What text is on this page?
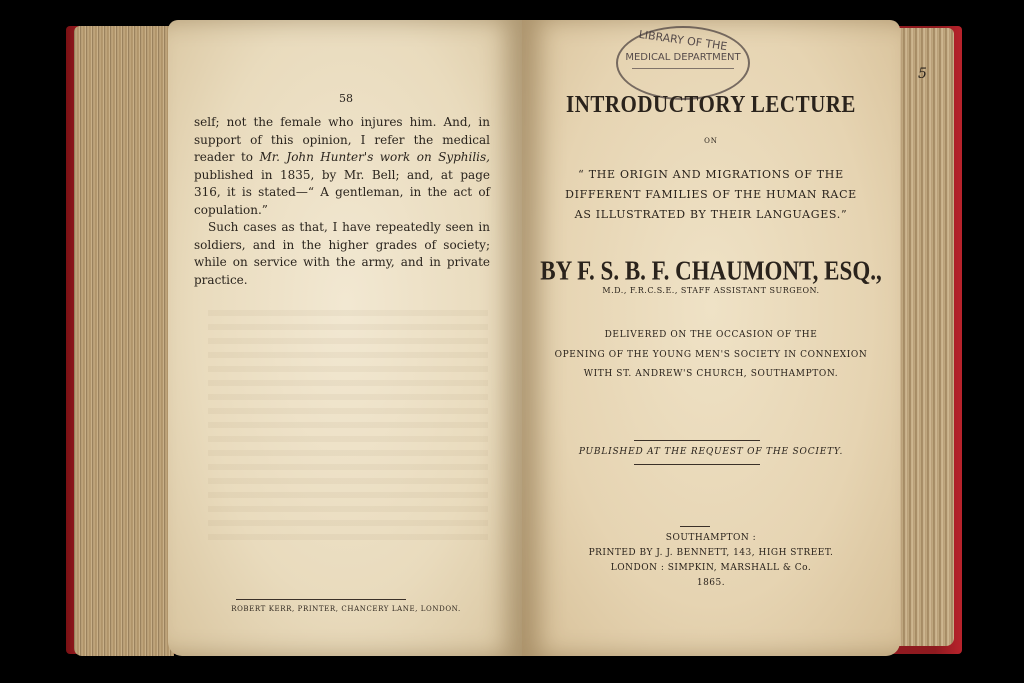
58

self; not the female who injures him. And, in support of this opinion, I refer the medical reader to Mr. John Hunter's work on Syphilis, published in 1835, by Mr. Bell; and, at page 316, it is stated—“ A gentleman, in the act of copulation.”

Such cases as that, I have repeatedly seen in soldiers, and in the higher grades of society; while on service with the army, and in private practice.

ROBERT KERR, PRINTER, CHANCERY LANE, LONDON.
LIBRARY OF THE
MEDICAL DEPARTMENT
INTRODUCTORY LECTURE
ON
“ THE ORIGIN AND MIGRATIONS OF THE
DIFFERENT FAMILIES OF THE HUMAN RACE
AS ILLUSTRATED BY THEIR LANGUAGES.”
BY F. S. B. F. CHAUMONT, ESQ.,
M.D., F.R.C.S.E., STAFF ASSISTANT SURGEON.
DELIVERED ON THE OCCASION OF THE
OPENING OF THE YOUNG MEN'S SOCIETY IN CONNEXION
WITH ST. ANDREW'S CHURCH, SOUTHAMPTON.
PUBLISHED AT THE REQUEST OF THE SOCIETY.
SOUTHAMPTON :
PRINTED BY J. J. BENNETT, 143, HIGH STREET.
LONDON : SIMPKIN, MARSHALL & Co.
1865.
5
